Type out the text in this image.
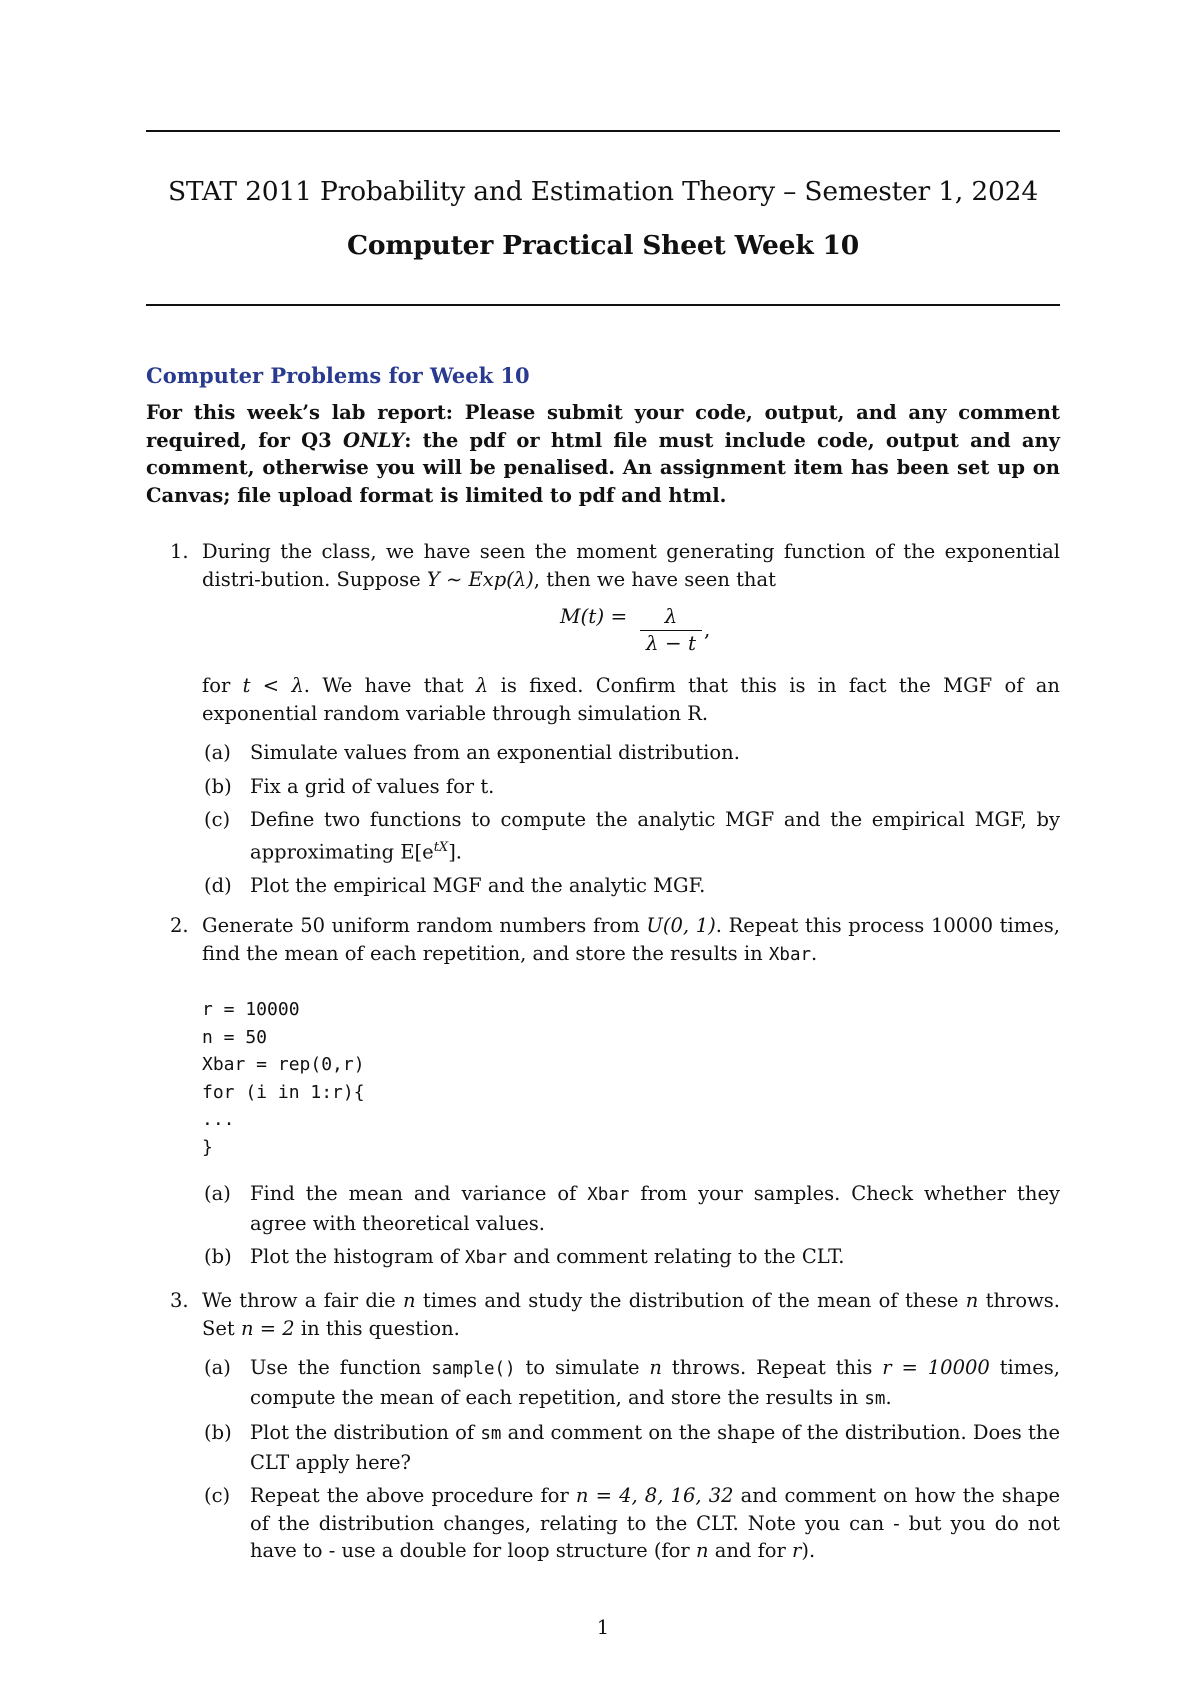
STAT 2011 Probability and Estimation Theory – Semester 1, 2024
Computer Practical Sheet Week 10
Computer Problems for Week 10
For this week’s lab report: Please submit your code, output, and any comment required, for Q3 ONLY: the pdf or html file must include code, output and any comment, otherwise you will be penalised. An assignment item has been set up on Canvas; file upload format is limited to pdf and html.
1. During the class, we have seen the moment generating function of the exponential distri-bution. Suppose Y ∼ Exp(λ), then we have seen that
M(t) =	λ
λ − t
,
for t < λ. We have that λ is fixed. Confirm that this is in fact the MGF of an exponential random variable through simulation R.
(a) Simulate values from an exponential distribution.
(b) Fix a grid of values for t.
(c) Define two functions to compute the analytic MGF and the empirical MGF, by approximating $E[e^{tX}]$.
(d) Plot the empirical MGF and the analytic MGF.
2. Generate 50 uniform random numbers from U(0, 1). Repeat this process 10000 times, find the mean of each repetition, and store the results in Xbar.
r = 10000
n = 50
Xbar = rep(0,r)
for (i in 1:r){
...
}
(a) Find the mean and variance of Xbar from your samples. Check whether they agree with theoretical values.
(b) Plot the histogram of Xbar and comment relating to the CLT.
3. We throw a fair die n times and study the distribution of the mean of these n throws. Set n = 2 in this question.
(a) Use the function sample() to simulate n throws. Repeat this r = 10000 times, compute the mean of each repetition, and store the results in sm.
(b) Plot the distribution of sm and comment on the shape of the distribution. Does the CLT apply here?
(c) Repeat the above procedure for n = 4, 8, 16, 32 and comment on how the shape of the distribution changes, relating to the CLT. Note you can - but you do not have to - use a double for loop structure (for n and for r).
1
